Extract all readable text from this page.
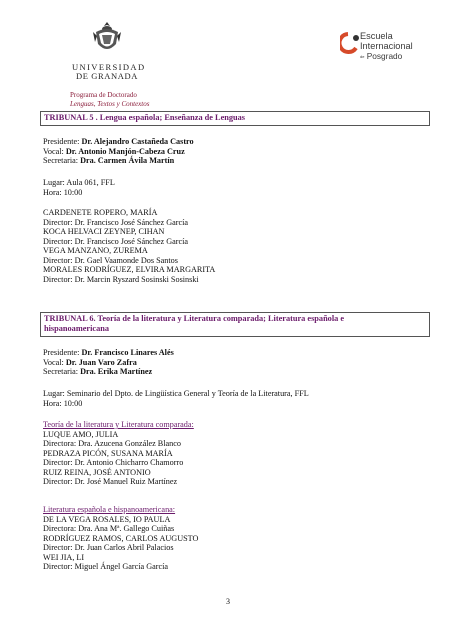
UNIVERSIDAD
DE GRANADA
Programa de Doctorado
Lenguas, Textos y Contextos
Escuela
Internacional
de Posgrado
TRIBUNAL 5 . Lengua española; Enseñanza de Lenguas
Presidente: Dr. Alejandro Castañeda Castro
Vocal: Dr. Antonio Manjón-Cabeza Cruz
Secretaria: Dra. Carmen Ávila Martín
Lugar: Aula 061, FFL
Hora: 10:00
CARDENETE ROPERO, MARÍA
Director: Dr. Francisco José Sánchez García
KOCA HELVACI ZEYNEP, CIHAN
Director: Dr. Francisco José Sánchez García
VEGA MANZANO, ZUREMA
Director: Dr. Gael Vaamonde Dos Santos
MORALES RODRÍGUEZ, ELVIRA MARGARITA
Director: Dr. Marcin Ryszard Sosinski Sosinski
TRIBUNAL 6. Teoría de la literatura y Literatura comparada; Literatura española e
hispanoamericana
Presidente: Dr. Francisco Linares Alés
Vocal: Dr. Juan Varo Zafra
Secretaria: Dra. Erika Martínez
Lugar: Seminario del Dpto. de Lingüística General y Teoría de la Literatura, FFL
Hora: 10:00
Teoría de la literatura y Literatura comparada:
LUQUE AMO, JULIA
Directora: Dra. Azucena González Blanco
PEDRAZA PICÓN, SUSANA MARÍA
Director: Dr. Antonio Chicharro Chamorro
RUIZ REINA, JOSÉ ANTONIO
Director: Dr. José Manuel Ruiz Martínez
Literatura española e hispanoamericana:
DE LA VEGA ROSALES, IO PAULA
Directora: Dra. Ana Mª. Gallego Cuiñas
RODRÍGUEZ RAMOS, CARLOS AUGUSTO
Director: Dr. Juan Carlos Abril Palacios
WEI JIA, LI
Director: Miguel Ángel García García
3
